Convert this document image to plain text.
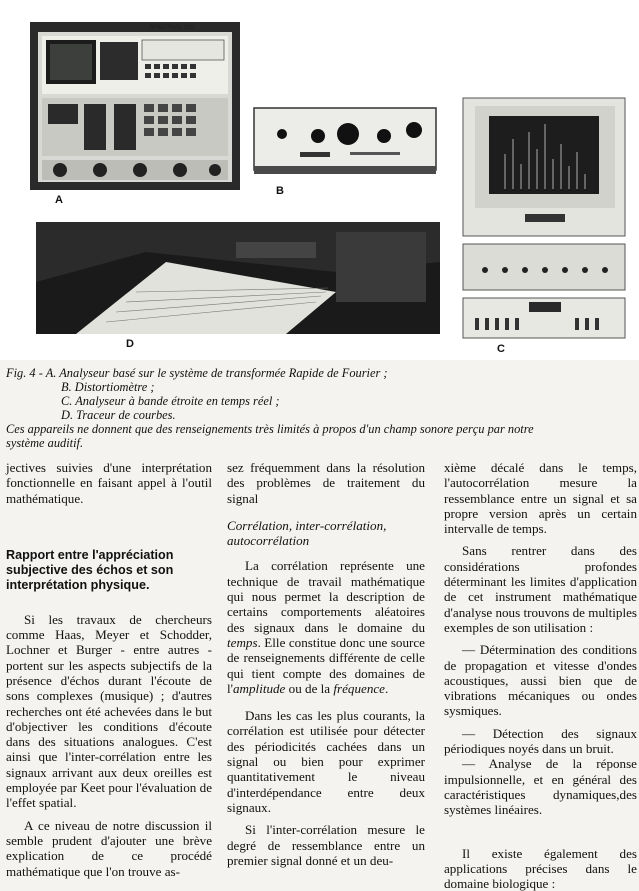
SPECTRAL 335
A
B
D	C
Fig. 4 - A. Analyseur basé sur le système de transformée Rapide de Fourier ;
B. Distortiomètre ;
C. Analyseur à bande étroite en temps réel ;
D. Traceur de courbes.
Ces appareils ne donnent que des renseignements très limités à propos d'un champ sonore perçu par notre
système auditif.

jectives suivies d'une interprétation fonctionnelle en faisant appel à l'outil mathématique.

Rapport entre l'appréciation subjective des échos et son interprétation physique.

Si les travaux de chercheurs comme Haas, Meyer et Schodder, Lochner et Burger - entre autres - portent sur les aspects subjectifs de la présence d'échos durant l'écoute de sons complexes (musique) ; d'autres recherches ont été achevées dans le but d'objectiver les conditions d'écoute dans des situations analogues. C'est ainsi que l'inter-corrélation entre les signaux arrivant aux deux oreilles est employée par Keet pour l'évaluation de l'effet spatial.

A ce niveau de notre discussion il semble prudent d'ajouter une brève explication de ce procédé mathématique que l'on trouve as-

sez fréquemment dans la résolution des problèmes de traitement du signal

Corrélation, inter-corrélation, autocorrélation

La corrélation représente une technique de travail mathématique qui nous permet la description de certains comportements aléatoires des signaux dans le domaine du temps. Elle constitue donc une source de renseignements différente de celle qui tient compte des domaines de l'amplitude ou de la fréquence.

Dans les cas les plus courants, la corrélation est utilisée pour détecter des périodicités cachées dans un signal ou bien pour exprimer quantitativement le niveau d'interdépendance entre deux signaux.

Si l'inter-corrélation mesure le degré de ressemblance entre un premier signal donné et un deu-

xième décalé dans le temps, l'autocorrélation mesure la ressemblance entre un signal et sa propre version après un certain intervalle de temps.

Sans rentrer dans des considérations profondes déterminant les limites d'application de cet instrument mathématique d'analyse nous trouvons de multiples exemples de son utilisation :

— Détermination des conditions de propagation et vitesse d'ondes acoustiques, aussi bien que de vibrations mécaniques ou ondes sysmiques.

— Détection des signaux périodiques noyés dans un bruit.

— Analyse de la réponse impulsionnelle, et en général des caractéristiques dynamiques,des systèmes linéaires.

Il existe également des applications précises dans le domaine biologique :
